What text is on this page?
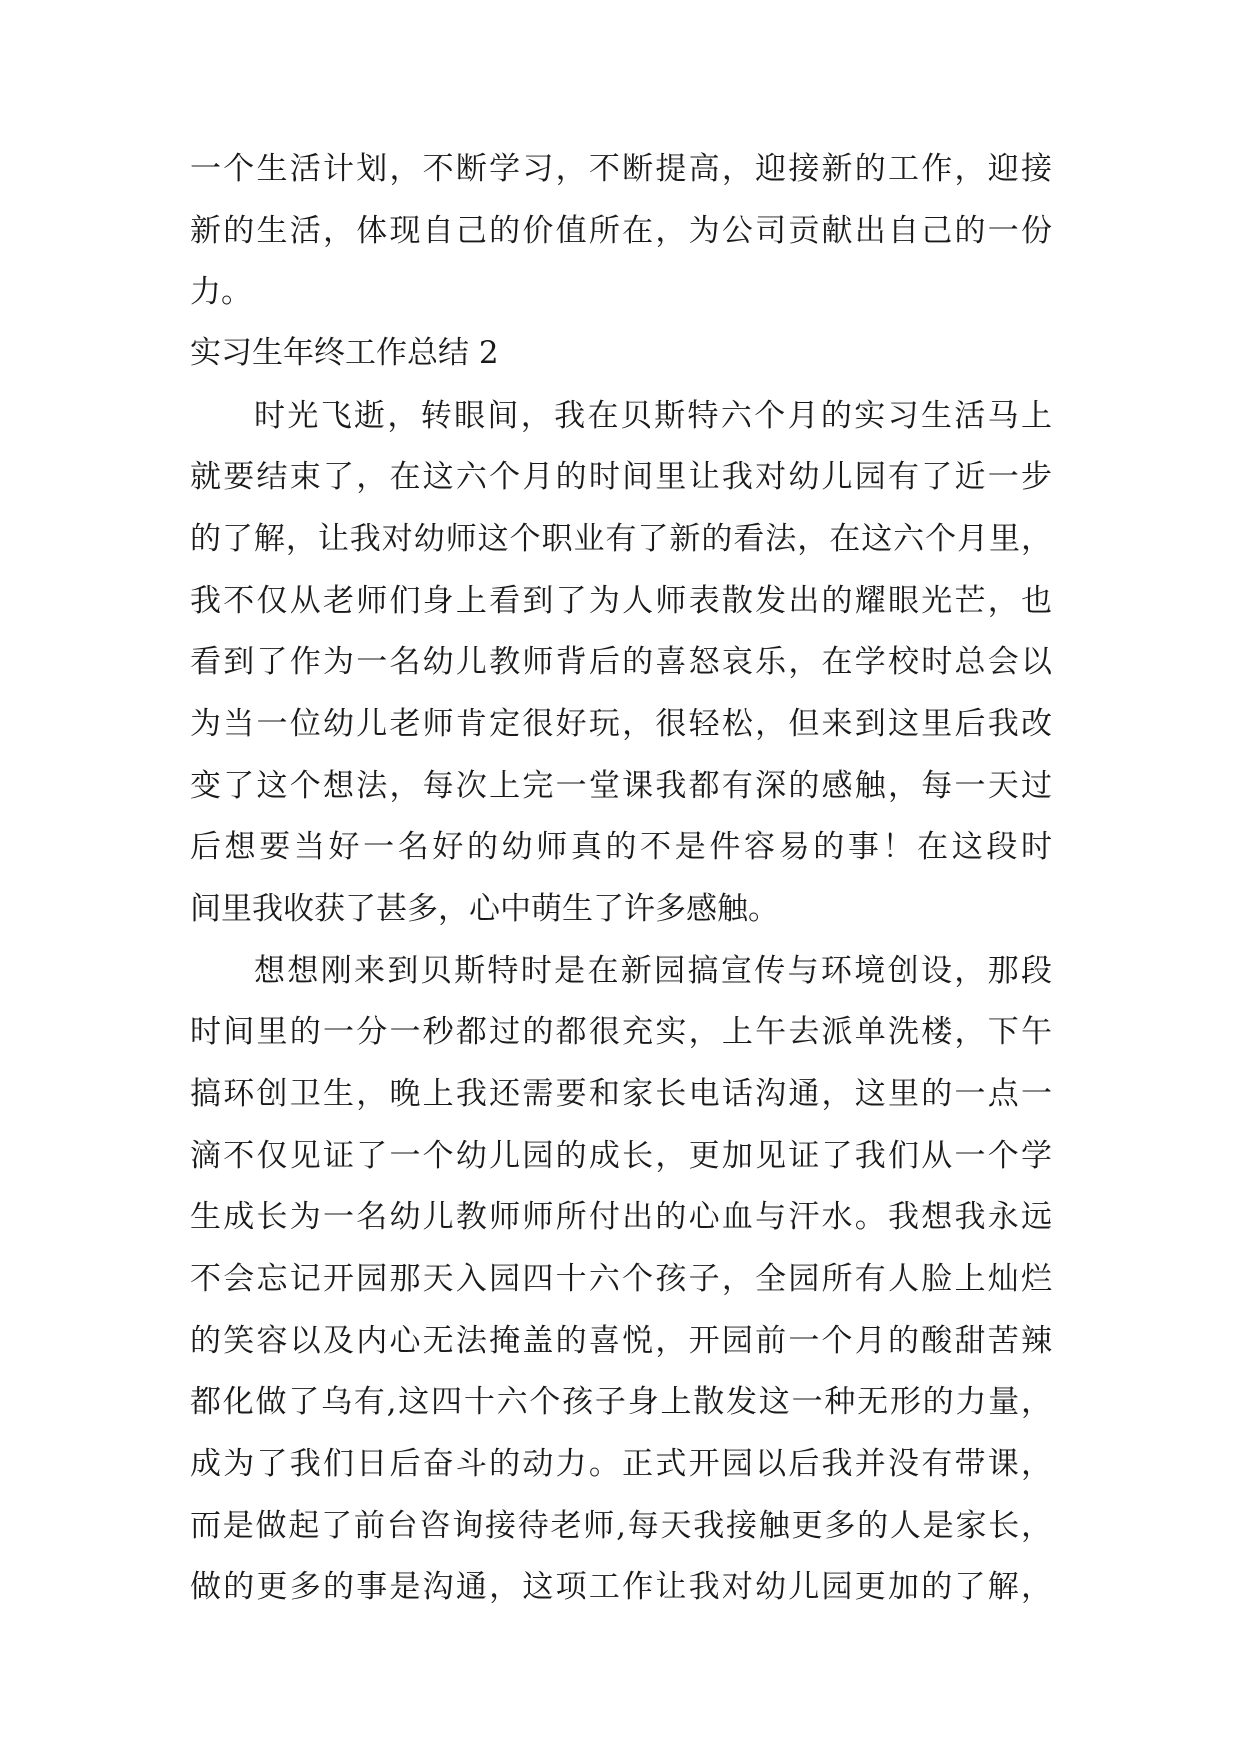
一个生活计划，不断学习，不断提高，迎接新的工作，迎接
新的生活，体现自己的价值所在，为公司贡献出自己的一份
力。
实习生年终工作总结 2
时光飞逝，转眼间，我在贝斯特六个月的实习生活马上
就要结束了，在这六个月的时间里让我对幼儿园有了近一步
的了解，让我对幼师这个职业有了新的看法，在这六个月里，
我不仅从老师们身上看到了为人师表散发出的耀眼光芒，也
看到了作为一名幼儿教师背后的喜怒哀乐，在学校时总会以
为当一位幼儿老师肯定很好玩，很轻松，但来到这里后我改
变了这个想法，每次上完一堂课我都有深的感触，每一天过
后想要当好一名好的幼师真的不是件容易的事！在这段时
间里我收获了甚多，心中萌生了许多感触。
想想刚来到贝斯特时是在新园搞宣传与环境创设，那段
时间里的一分一秒都过的都很充实，上午去派单洗楼，下午
搞环创卫生，晚上我还需要和家长电话沟通，这里的一点一
滴不仅见证了一个幼儿园的成长，更加见证了我们从一个学
生成长为一名幼儿教师师所付出的心血与汗水。我想我永远
不会忘记开园那天入园四十六个孩子，全园所有人脸上灿烂
的笑容以及内心无法掩盖的喜悦，开园前一个月的酸甜苦辣
都化做了乌有,这四十六个孩子身上散发这一种无形的力量，
成为了我们日后奋斗的动力。正式开园以后我并没有带课，
而是做起了前台咨询接待老师,每天我接触更多的人是家长，
做的更多的事是沟通，这项工作让我对幼儿园更加的了解，
